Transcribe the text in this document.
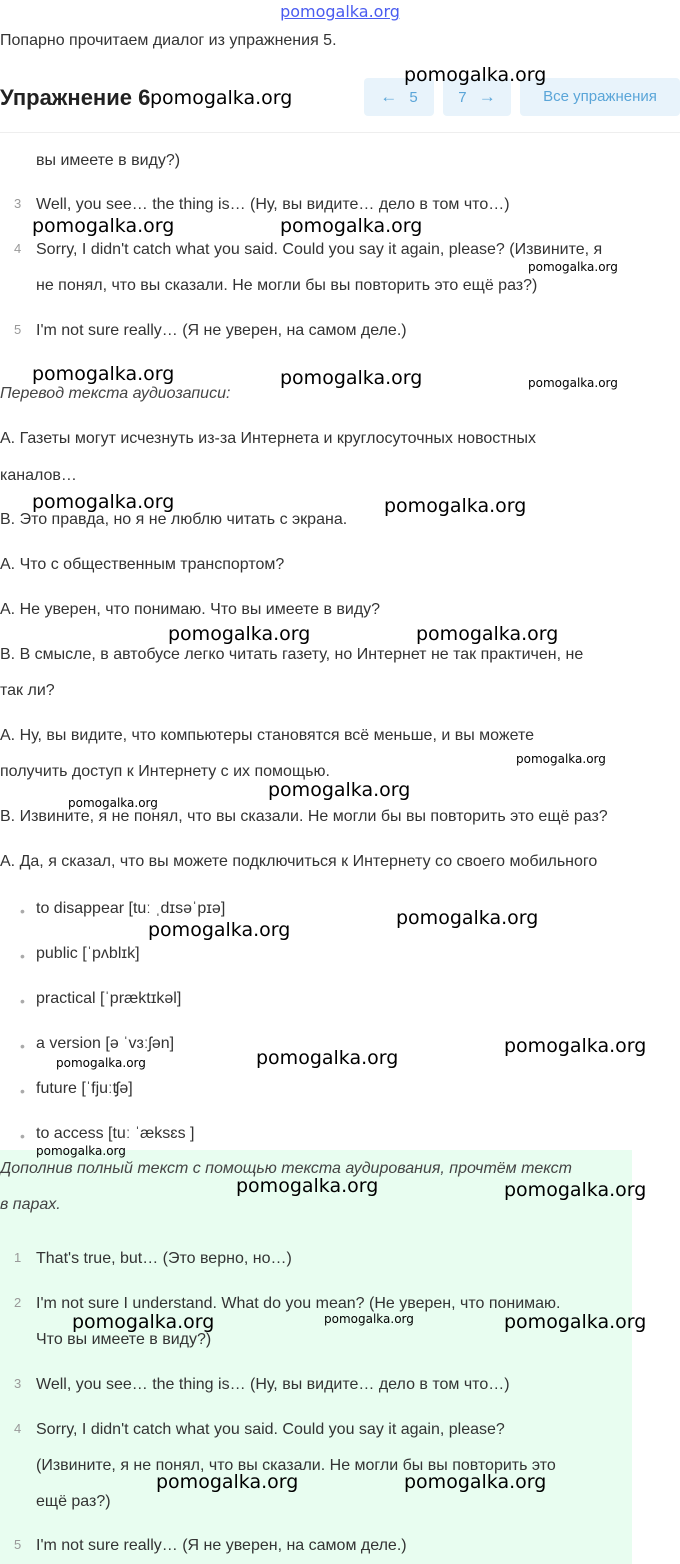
pomogalka.org
Попарно прочитаем диалог из упражнения 5.
Упражнение 6	← 5	7 →	Все упражнения
вы имеете в виду?)
3 Well, you see… the thing is… (Ну, вы видите… дело в том что…)
4 Sorry, I didn't catch what you said. Could you say it again, please? (Извините, я
не понял, что вы сказали. Не могли бы вы повторить это ещё раз?)
5 I'm not sure really… (Я не уверен, на самом деле.)
Перевод текста аудиозаписи:
А. Газеты могут исчезнуть из-за Интернета и круглосуточных новостных
каналов…
В. Это правда, но я не люблю читать с экрана.
А. Что с общественным транспортом?
А. Не уверен, что понимаю. Что вы имеете в виду?
В. В смысле, в автобусе легко читать газету, но Интернет не так практичен, не
так ли?
А. Ну, вы видите, что компьютеры становятся всё меньше, и вы можете
получить доступ к Интернету с их помощью.
В. Извините, я не понял, что вы сказали. Не могли бы вы повторить это ещё раз?
А. Да, я сказал, что вы можете подключиться к Интернету со своего мобильного
• to disappear [tuː ˌdɪsəˈpɪə]
• public [ˈpʌblɪk]
• practical [ˈpræktɪkəl]
• a version [ə ˈvɜːʃən]
• future [ˈfjuːʧə]
• to access [tuː ˈæksɛs ]
Дополнив полный текст с помощью текста аудирования, прочтём текст
в парах.
1 That's true, but… (Это верно, но…)
2 I'm not sure I understand. What do you mean? (Не уверен, что понимаю.
Что вы имеете в виду?)
3 Well, you see… the thing is… (Ну, вы видите… дело в том что…)
4 Sorry, I didn't catch what you said. Could you say it again, please?
(Извините, я не понял, что вы сказали. Не могли бы вы повторить это
ещё раз?)
5 I'm not sure really… (Я не уверен, на самом деле.)
pomogalka.org
pomogalka.org
pomogalka.org	pomogalka.org
pomogalka.org
pomogalka.org	pomogalka.org	pomogalka.org
pomogalka.org	pomogalka.org
pomogalka.org	pomogalka.org
pomogalka.org
pomogalka.org
pomogalka.org
pomogalka.org
pomogalka.org
pomogalka.org
pomogalka.org
pomogalka.org
pomogalka.org
pomogalka.org	pomogalka.org
pomogalka.org	pomogalka.org	pomogalka.org
pomogalka.org	pomogalka.org
